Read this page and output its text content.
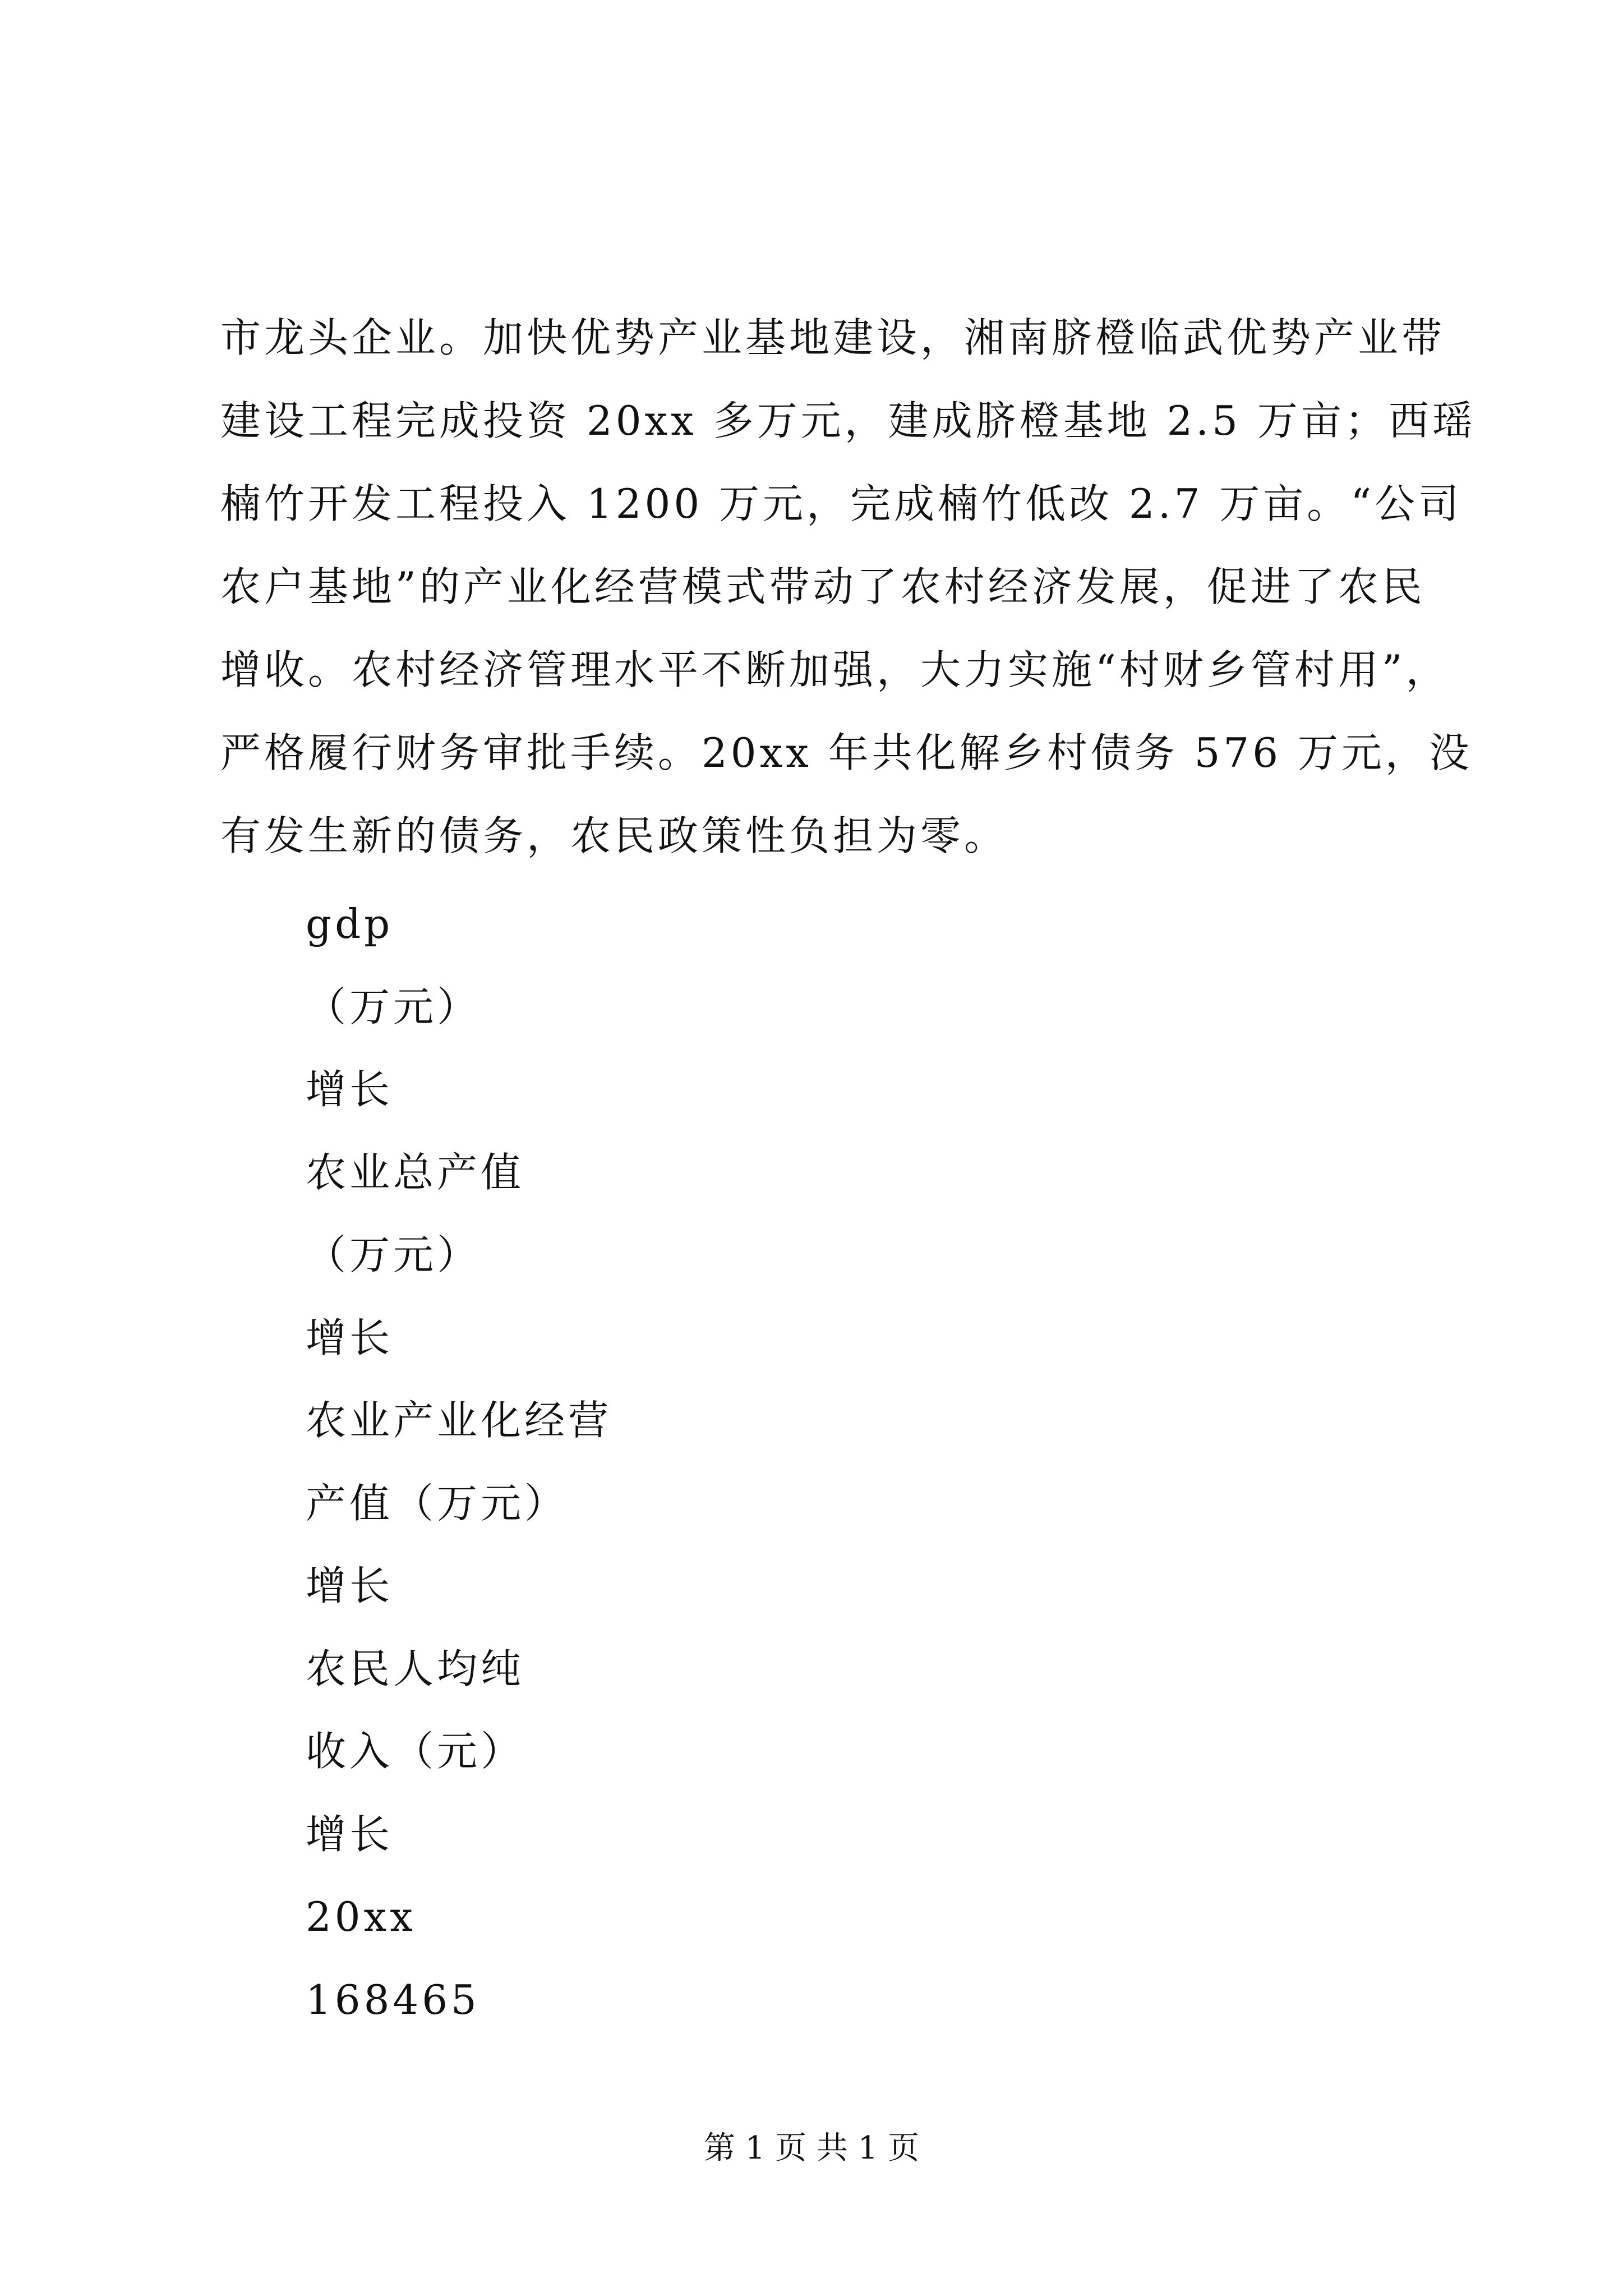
市龙头企业。加快优势产业基地建设，湘南脐橙临武优势产业带
建设工程完成投资 20xx 多万元，建成脐橙基地 2.5 万亩；西瑶
楠竹开发工程投入 1200 万元，完成楠竹低改 2.7 万亩。“公司
农户基地”的产业化经营模式带动了农村经济发展，促进了农民
增收。农村经济管理水平不断加强，大力实施“村财乡管村用”，
严格履行财务审批手续。20xx 年共化解乡村债务 576 万元，没
有发生新的债务，农民政策性负担为零。
gdp
（万元）
增长
农业总产值
（万元）
增长
农业产业化经营
产值（万元）
增长
农民人均纯
收入（元）
增长
20xx
168465
第 1 页 共 1 页
